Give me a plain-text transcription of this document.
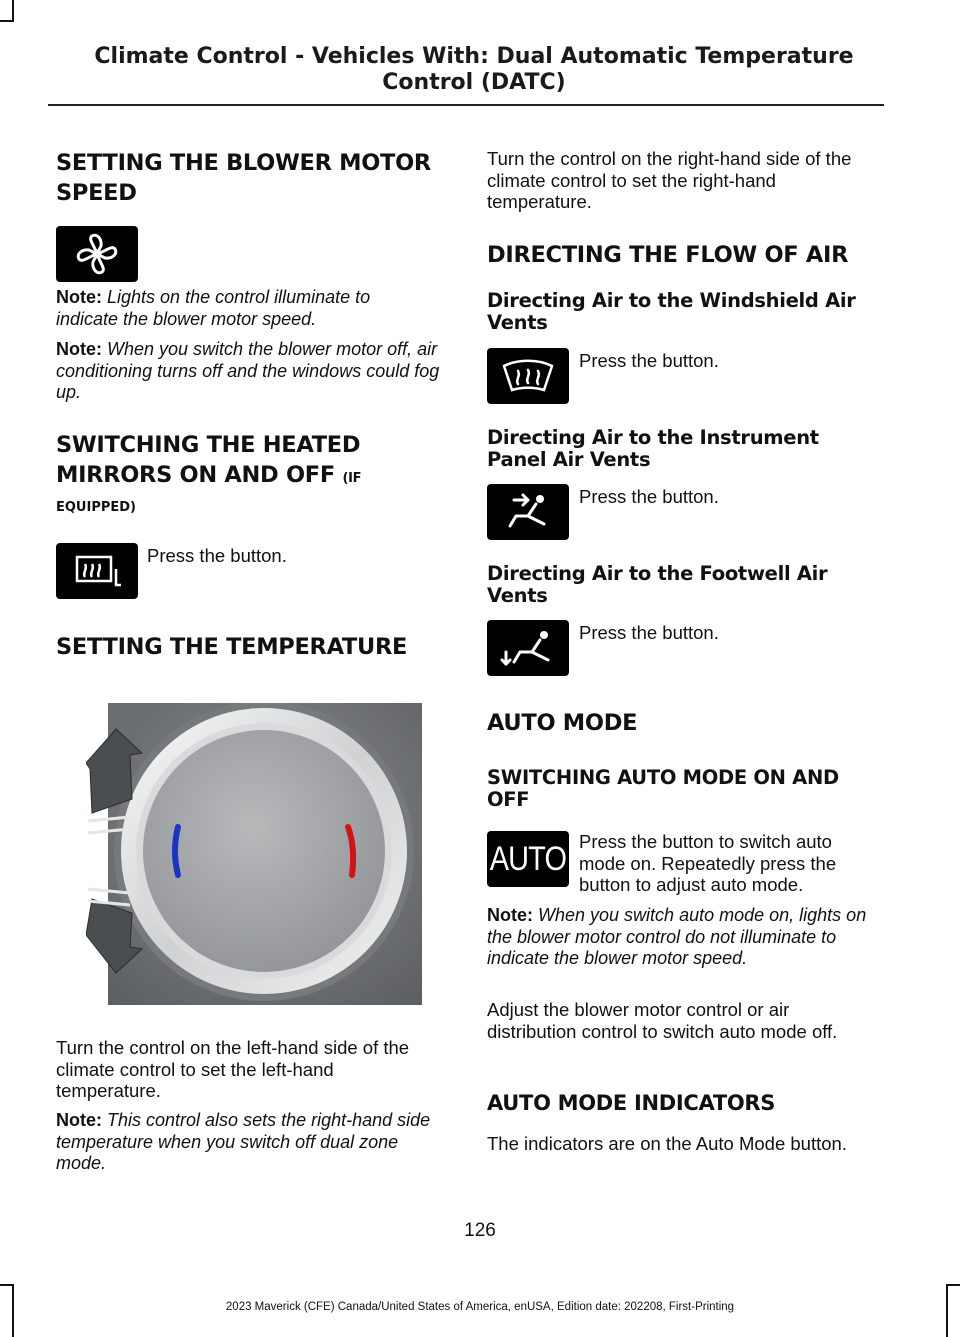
Climate Control - Vehicles With: Dual Automatic Temperature
Control (DATC)
SETTING THE BLOWER MOTOR
SPEED

Note: Lights on the control illuminate to indicate the blower motor speed.

Note: When you switch the blower motor off, air conditioning turns off and the windows could fog up.

SWITCHING THE HEATED
MIRRORS ON AND OFF (IF
EQUIPPED)

Press the button.

SETTING THE TEMPERATURE

Turn the control on the left-hand side of the climate control to set the left-hand temperature.

Note: This control also sets the right-hand side temperature when you switch off dual zone mode.

Turn the control on the right-hand side of the climate control to set the right-hand temperature.

DIRECTING THE FLOW OF AIR
Directing Air to the Windshield Air Vents

Press the button.

Directing Air to the Instrument Panel Air Vents

Press the button.

Directing Air to the Footwell Air Vents

Press the button.

AUTO MODE
SWITCHING AUTO MODE ON AND OFF
AUTO Press the button to switch auto mode on. Repeatedly press the button to adjust auto mode.

Note: When you switch auto mode on, lights on the blower motor control do not illuminate to indicate the blower motor speed.

Adjust the blower motor control or air distribution control to switch auto mode off.

AUTO MODE INDICATORS

The indicators are on the Auto Mode button.

126
2023 Maverick (CFE) Canada/United States of America, enUSA, Edition date: 202208, First-Printing
